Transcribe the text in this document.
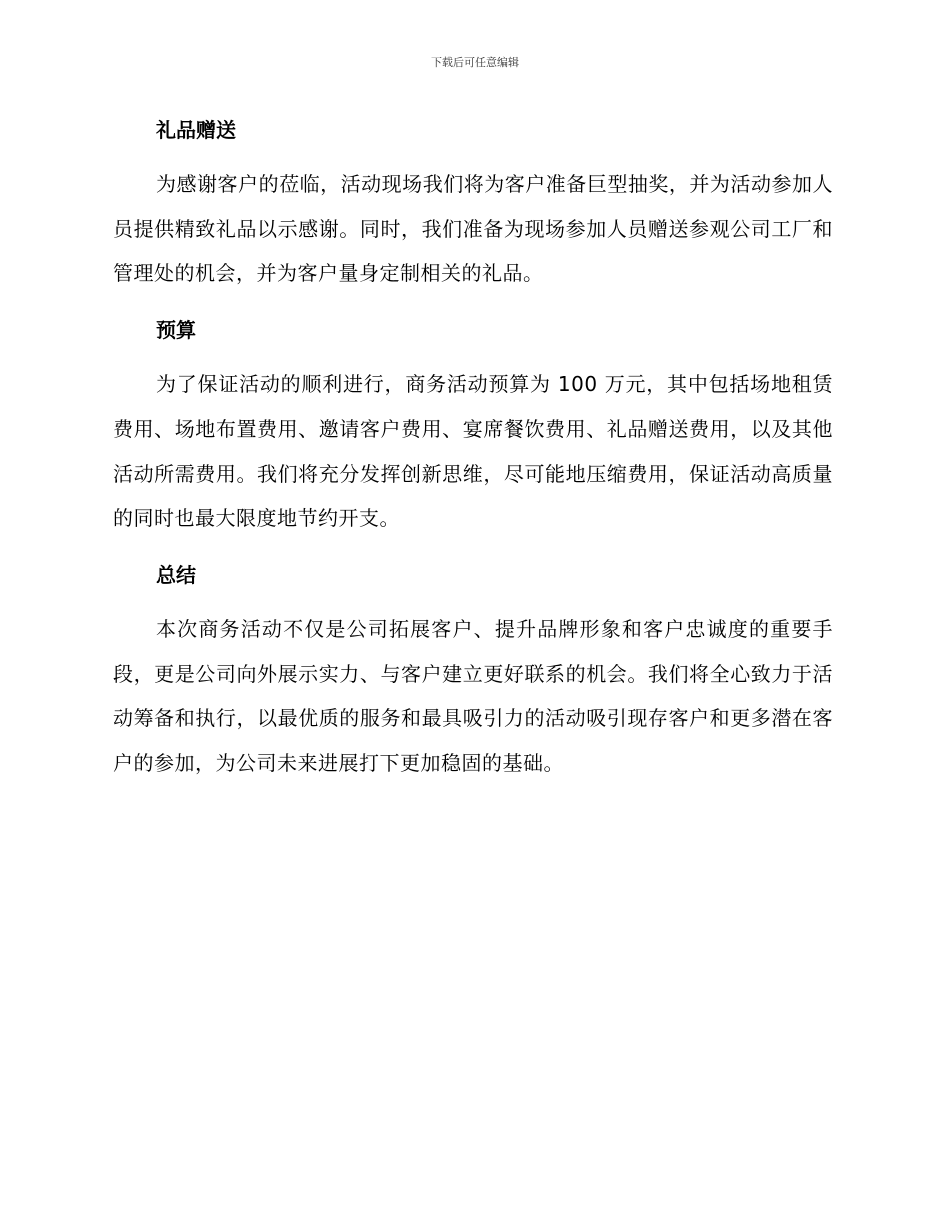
下载后可任意编辑
礼品赠送

为感谢客户的莅临，活动现场我们将为客户准备巨型抽奖，并为活动参加人员提供精致礼品以示感谢。同时，我们准备为现场参加人员赠送参观公司工厂和管理处的机会，并为客户量身定制相关的礼品。

预算

为了保证活动的顺利进行，商务活动预算为 100 万元，其中包括场地租赁费用、场地布置费用、邀请客户费用、宴席餐饮费用、礼品赠送费用，以及其他活动所需费用。我们将充分发挥创新思维，尽可能地压缩费用，保证活动高质量的同时也最大限度地节约开支。

总结

本次商务活动不仅是公司拓展客户、提升品牌形象和客户忠诚度的重要手段，更是公司向外展示实力、与客户建立更好联系的机会。我们将全心致力于活动筹备和执行，以最优质的服务和最具吸引力的活动吸引现存客户和更多潜在客户的参加，为公司未来进展打下更加稳固的基础。
